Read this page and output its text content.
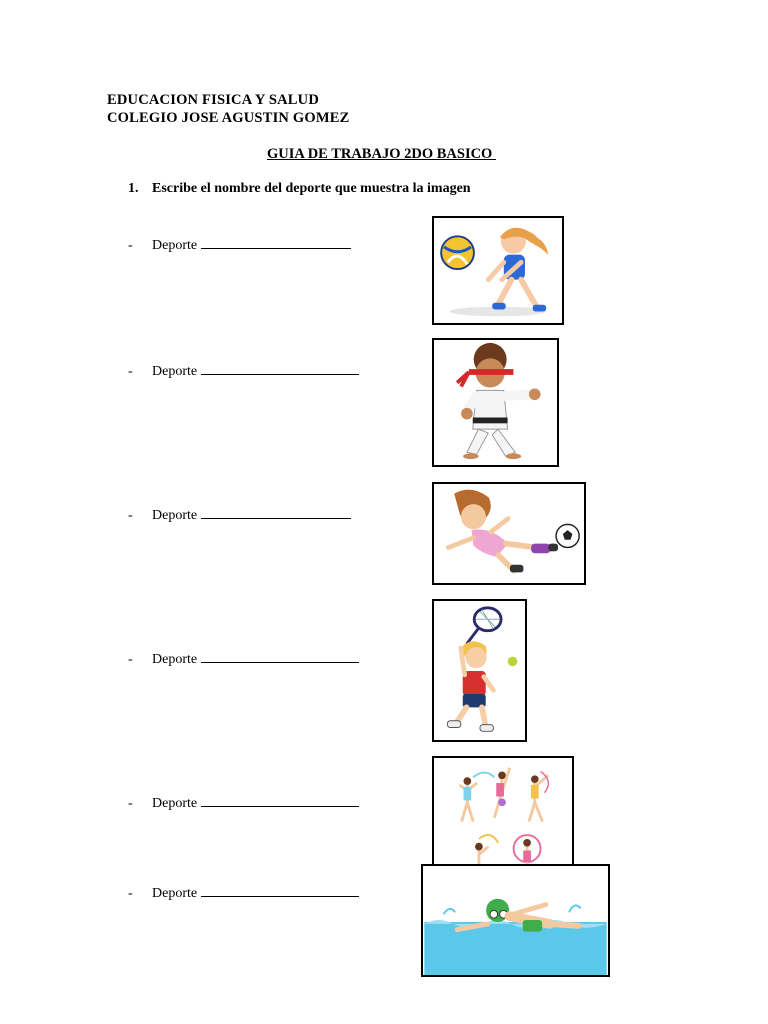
EDUCACION FISICA Y SALUD
COLEGIO JOSE AGUSTIN GOMEZ
GUIA DE TRABAJO 2DO BASICO
1. Escribe el nombre del deporte que muestra la imagen
- Deporte
- Deporte
- Deporte
- Deporte
- Deporte
- Deporte
